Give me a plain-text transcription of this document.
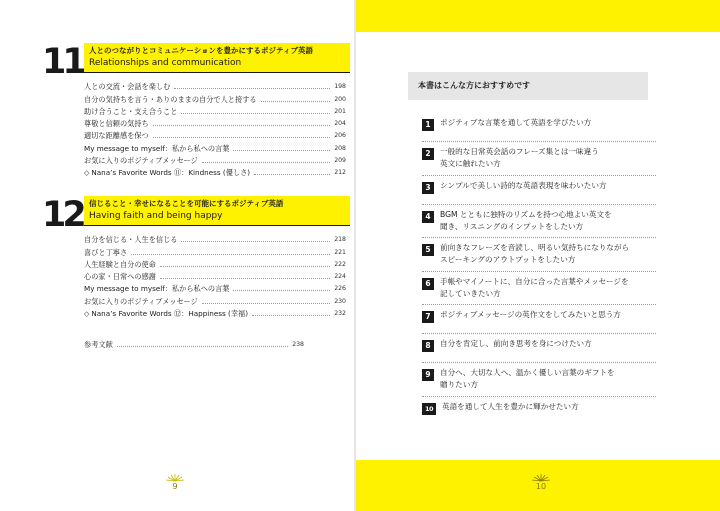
11 人とのつながりとコミュニケーションを豊かにするポジティブ英語
Relationships and communication
人との交流・会話を楽しむ	198
自分の気持ちを言う・ありのままの自分で人と接する	200
助け合うこと・支え合うこと	201
尊敬と信頼の気持ち	204
適切な距離感を保つ	206
My message to myself：私から私への言葉	208
お気に入りのポジティブメッセージ	209
◇ Nana’s Favorite Words ⑪：Kindness (優しさ)	212
12 信じること・幸せになることを可能にするポジティブ英語
Having faith and being happy
自分を信じる・人生を信じる	218
喜びと丁寧さ	221
人生経験と自分の使命	222
心の家・日常への感謝	224
My message to myself：私から私への言葉	226
お気に入りのポジティブメッセージ	230
◇ Nana’s Favorite Words ⑫：Happiness (幸福)	232
参考文献	238
9
本書はこんな方におすすめです
1	ポジティブな言葉を通して英語を学びたい方
2	一般的な日常英会話のフレーズ集とは一味違う
英文に触れたい方
3	シンプルで美しい詩的な英語表現を味わいたい方
4	BGM とともに独特のリズムを持つ心地よい英文を
聞き、リスニングのインプットをしたい方
5	前向きなフレーズを音読し、明るい気持ちになりながら
スピーキングのアウトプットをしたい方
6	手帳やマイノートに、自分に合った言葉やメッセージを
記していきたい方
7	ポジティブメッセージの英作文をしてみたいと思う方
8	自分を肯定し、前向き思考を身につけたい方
9	自分へ、大切な人へ、温かく優しい言葉のギフトを
贈りたい方
10	英語を通して人生を豊かに輝かせたい方
10
